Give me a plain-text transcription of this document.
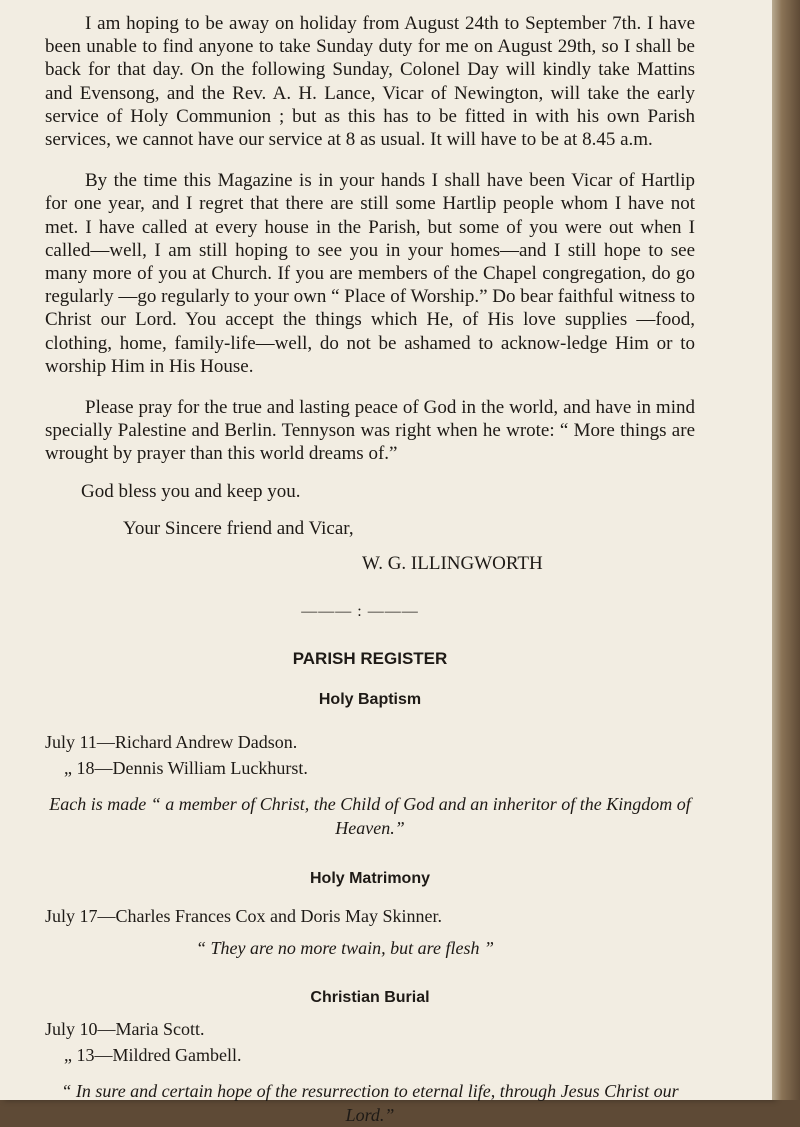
I am hoping to be away on holiday from August 24th to September 7th. I have been unable to find anyone to take Sunday duty for me on August 29th, so I shall be back for that day. On the following Sunday, Colonel Day will kindly take Mattins and Evensong, and the Rev. A. H. Lance, Vicar of Newington, will take the early service of Holy Communion ; but as this has to be fitted in with his own Parish services, we cannot have our service at 8 as usual. It will have to be at 8.45 a.m.

By the time this Magazine is in your hands I shall have been Vicar of Hartlip for one year, and I regret that there are still some Hartlip people whom I have not met. I have called at every house in the Parish, but some of you were out when I called—well, I am still hoping to see you in your homes—and I still hope to see many more of you at Church. If you are members of the Chapel congregation, do go regularly —go regularly to your own “ Place of Worship.” Do bear faithful witness to Christ our Lord. You accept the things which He, of His love supplies —food, clothing, home, family-life—well, do not be ashamed to acknow-ledge Him or to worship Him in His House.

Please pray for the true and lasting peace of God in the world, and have in mind specially Palestine and Berlin. Tennyson was right when he wrote: “ More things are wrought by prayer than this world dreams of.”

God bless you and keep you.
Your Sincere friend and Vicar,
W. G. ILLINGWORTH
——— : ———
PARISH REGISTER
Holy Baptism
July 11—Richard Andrew Dadson.
„ 18—Dennis William Luckhurst.
Each is made “ a member of Christ, the Child of God and an inheritor of the Kingdom of Heaven.”
Holy Matrimony
July 17—Charles Frances Cox and Doris May Skinner.
“ They are no more twain, but are flesh ”
Christian Burial
July 10—Maria Scott.
„ 13—Mildred Gambell.
“ In sure and certain hope of the resurrection to eternal life, through Jesus Christ our Lord.”
